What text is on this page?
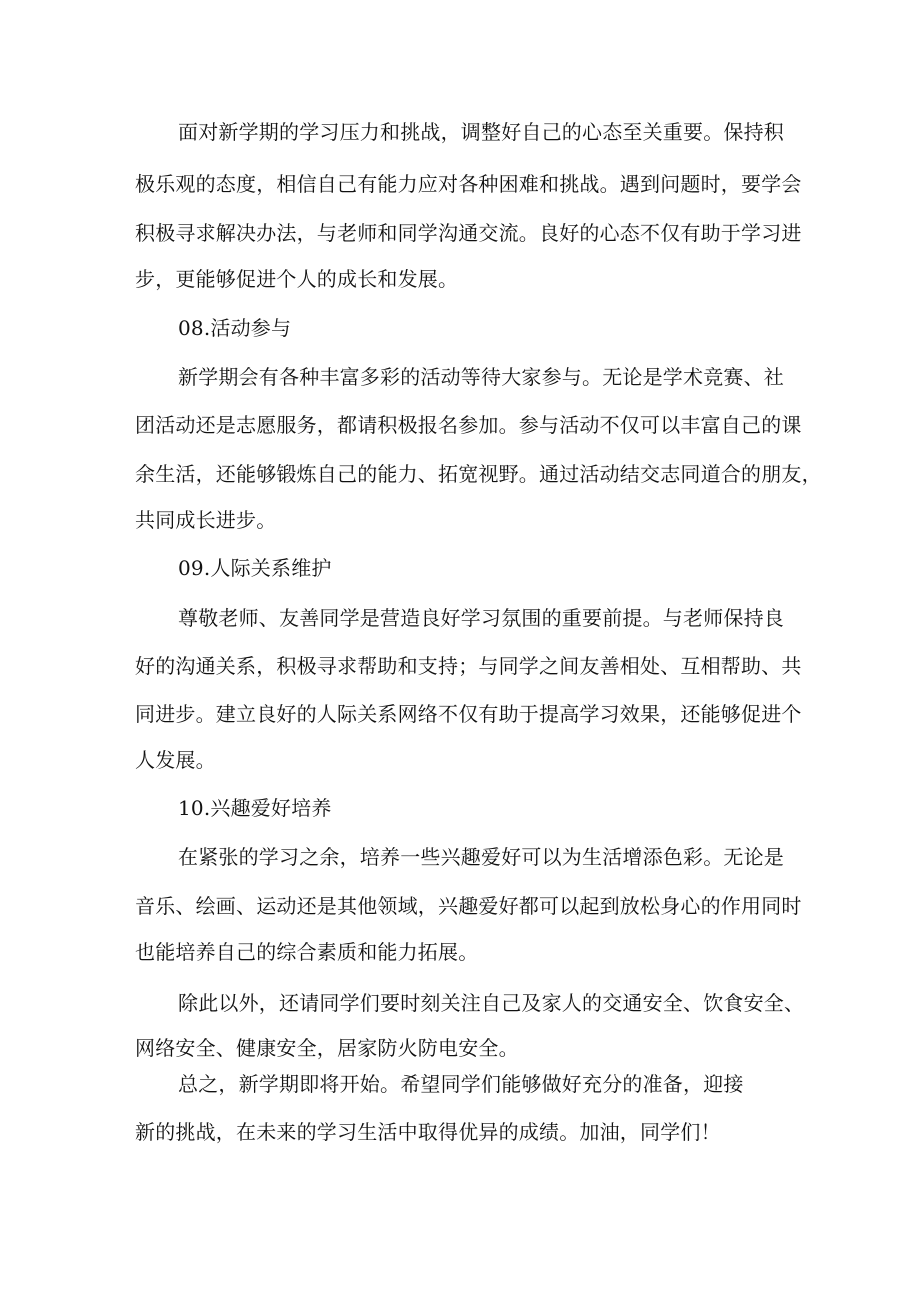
面对新学期的学习压力和挑战，调整好自己的心态至关重要。保持积
极乐观的态度，相信自己有能力应对各种困难和挑战。遇到问题时，要学会
积极寻求解决办法，与老师和同学沟通交流。良好的心态不仅有助于学习进
步，更能够促进个人的成长和发展。
08.活动参与
新学期会有各种丰富多彩的活动等待大家参与。无论是学术竞赛、社
团活动还是志愿服务，都请积极报名参加。参与活动不仅可以丰富自己的课
余生活，还能够锻炼自己的能力、拓宽视野。通过活动结交志同道合的朋友，
共同成长进步。
09.人际关系维护
尊敬老师、友善同学是营造良好学习氛围的重要前提。与老师保持良
好的沟通关系，积极寻求帮助和支持；与同学之间友善相处、互相帮助、共
同进步。建立良好的人际关系网络不仅有助于提高学习效果，还能够促进个
人发展。
10.兴趣爱好培养
在紧张的学习之余，培养一些兴趣爱好可以为生活增添色彩。无论是
音乐、绘画、运动还是其他领域，兴趣爱好都可以起到放松身心的作用同时
也能培养自己的综合素质和能力拓展。
除此以外，还请同学们要时刻关注自己及家人的交通安全、饮食安全、
网络安全、健康安全，居家防火防电安全。
总之，新学期即将开始。希望同学们能够做好充分的准备，迎接
新的挑战，在未来的学习生活中取得优异的成绩。加油，同学们！
